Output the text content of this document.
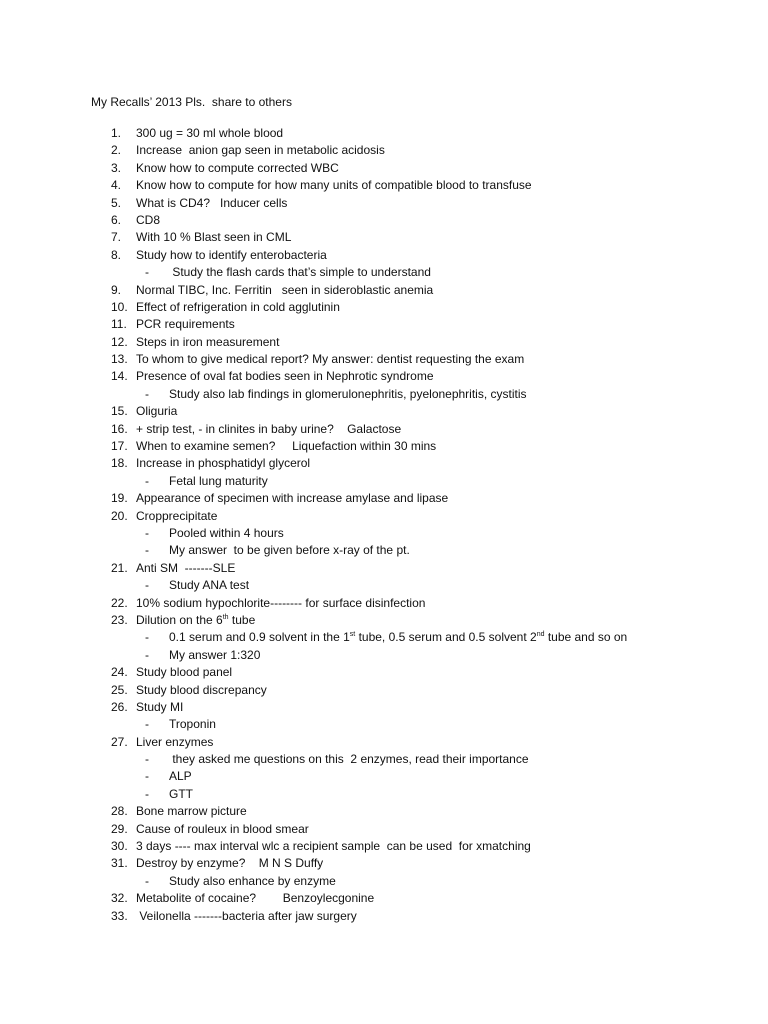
My Recalls’ 2013 Pls.  share to others
1.	300 ug = 30 ml whole blood
2.	Increase  anion gap seen in metabolic acidosis
3.	Know how to compute corrected WBC
4.	Know how to compute for how many units of compatible blood to transfuse
5.	What is CD4?   Inducer cells
6.	CD8
7.	With 10 % Blast seen in CML
8.	Study how to identify enterobacteria
- Study the flash cards that’s simple to understand
9.	Normal TIBC, Inc. Ferritin   seen in sideroblastic anemia
10. Effect of refrigeration in cold agglutinin
11. PCR requirements
12. Steps in iron measurement
13. To whom to give medical report? My answer: dentist requesting the exam
14. Presence of oval fat bodies seen in Nephrotic syndrome
- Study also lab findings in glomerulonephritis, pyelonephritis, cystitis
15. Oliguria
16. + strip test, - in clinites in baby urine?    Galactose
17. When to examine semen?     Liquefaction within 30 mins
18. Increase in phosphatidyl glycerol
- Fetal lung maturity
19. Appearance of specimen with increase amylase and lipase
20. Cropprecipitate
- Pooled within 4 hours
- My answer  to be given before x-ray of the pt.
21. Anti SM  -------SLE
- Study ANA test
22. 10% sodium hypochlorite-------- for surface disinfection
23. Dilution on the 6th tube
- 0.1 serum and 0.9 solvent in the 1st tube, 0.5 serum and 0.5 solvent 2nd tube and so on
- My answer 1:320
24. Study blood panel
25. Study blood discrepancy
26. Study MI
- Troponin
27. Liver enzymes
- they asked me questions on this  2 enzymes, read their importance
- ALP
- GTT
28. Bone marrow picture
29. Cause of rouleux in blood smear
30. 3 days ---- max interval wlc a recipient sample  can be used  for xmatching
31. Destroy by enzyme?    M N S Duffy
- Study also enhance by enzyme
32. Metabolite of cocaine?        Benzoylecgonine
33. Veilonella -------bacteria after jaw surgery
